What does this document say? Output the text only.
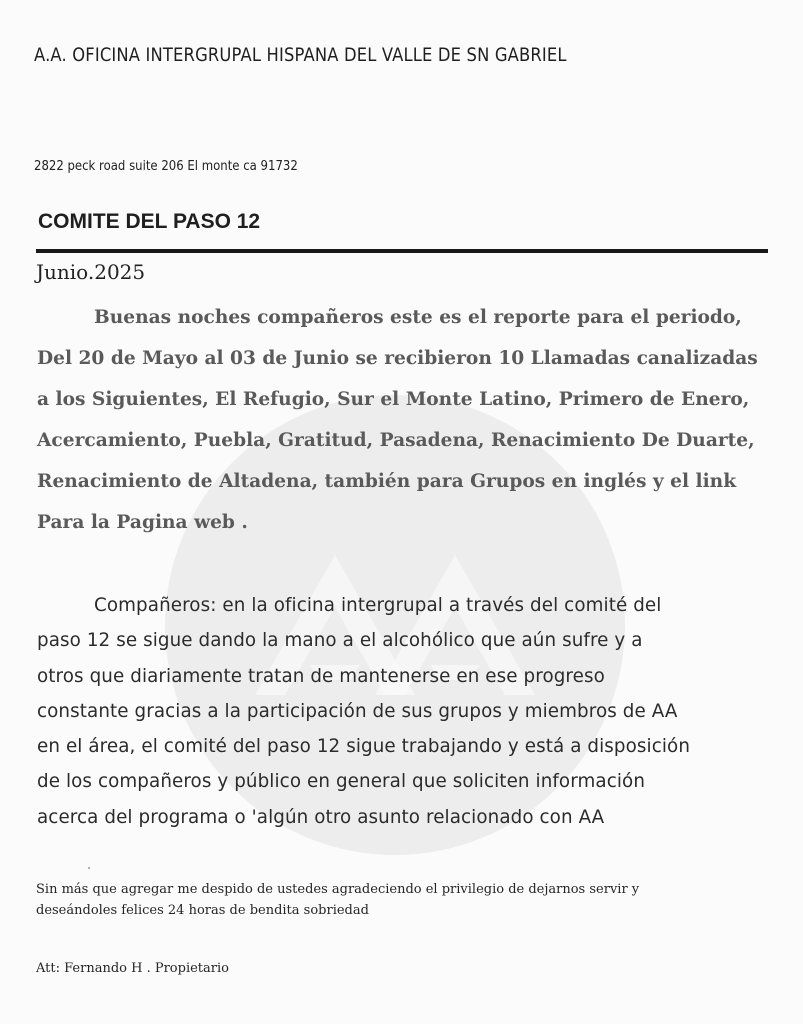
A.A. OFICINA INTERGRUPAL HISPANA DEL VALLE DE SN GABRIEL
2822 peck road suite 206 El monte ca 91732
COMITE DEL PASO 12
Junio.2025
Buenas noches compañeros este es el reporte para el periodo,
Del 20 de Mayo al 03 de Junio se recibieron 10 Llamadas canalizadas
a los Siguientes, El Refugio, Sur el Monte Latino, Primero de Enero,
Acercamiento, Puebla, Gratitud, Pasadena, Renacimiento De Duarte,
Renacimiento de Altadena, también para Grupos en inglés y el link
Para la Pagina web .
Compañeros: en la oficina intergrupal a través del comité del
paso 12 se sigue dando la mano a el alcohólico que aún sufre y a
otros que diariamente tratan de mantenerse en ese progreso
constante gracias a la participación de sus grupos y miembros de AA
en el área, el comité del paso 12 sigue trabajando y está a disposición
de los compañeros y público en general que soliciten información
acerca del programa o 'algún otro asunto relacionado con AA
Sin más que agregar me despido de ustedes agradeciendo el privilegio de dejarnos servir y
deseándoles felices 24 horas de bendita sobriedad
Att: Fernando H . Propietario
